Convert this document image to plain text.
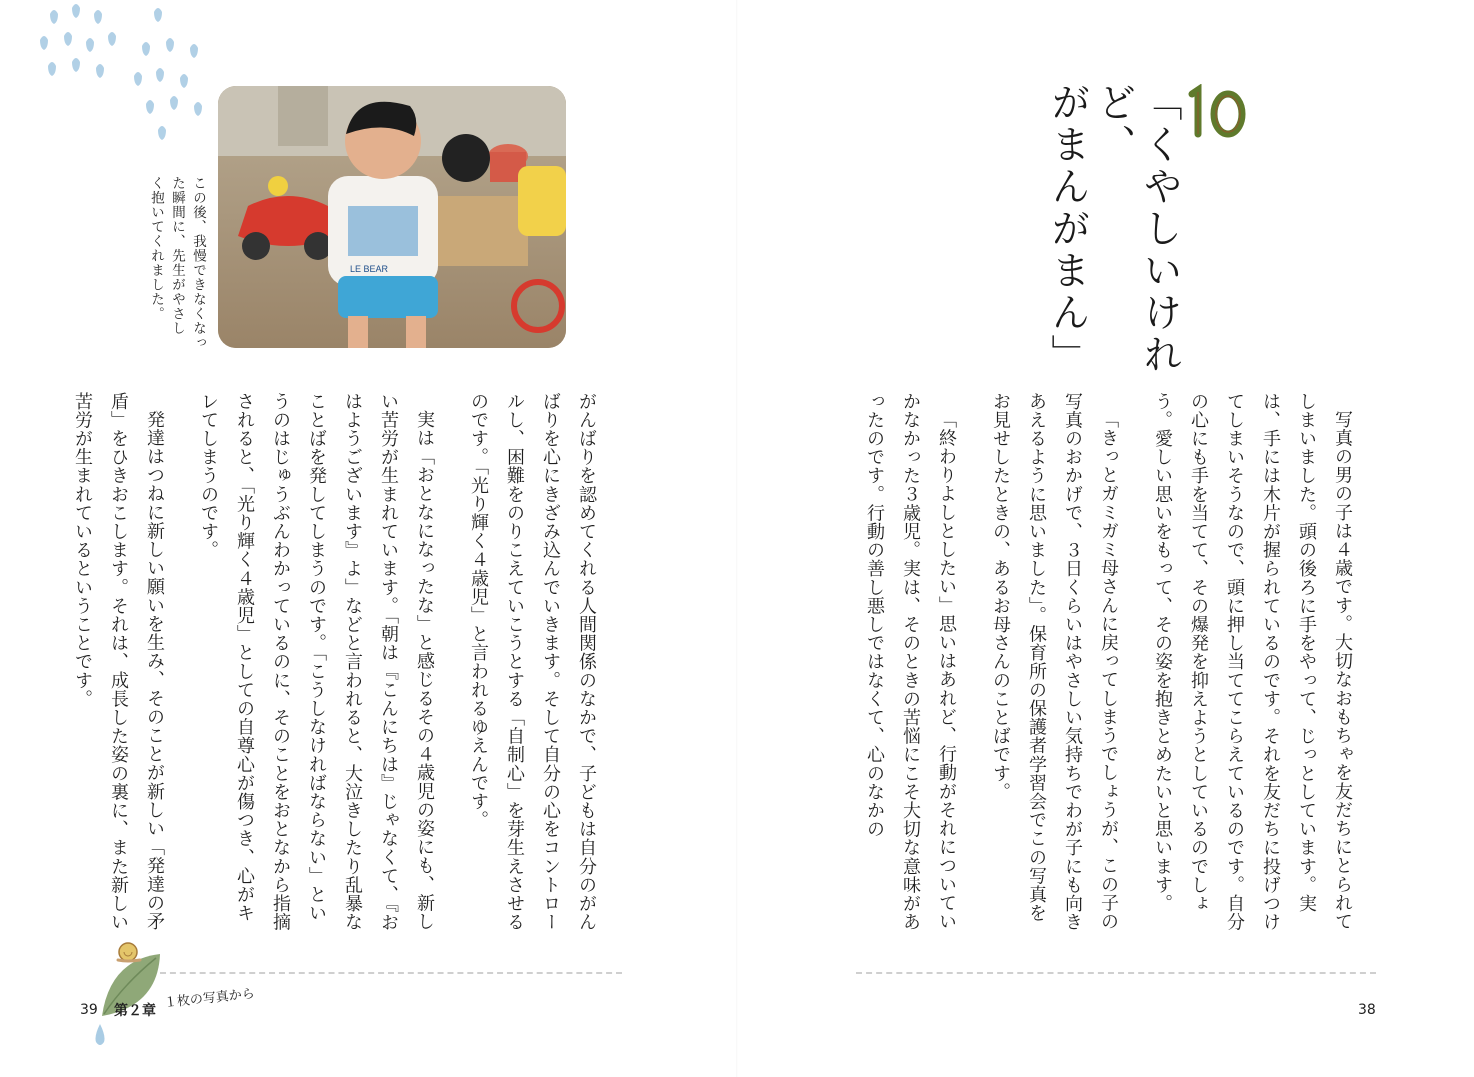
LE BEAR
この後、我慢できなくなっ
た瞬間に、先生がやさし
く抱いてくれました。	「くやしいけれど、
がまんがまん」

写真の男の子は４歳です。大切なおもちゃを友だちにとられてしまいました。頭の後ろに手をやって、じっとしています。実は、手には木片が握られているのです。それを友だちに投げつけてしまいそうなので、頭に押し当ててこらえているのです。自分の心にも手を当てて、その爆発を抑えようとしているのでしょう。愛しい思いをもって、その姿を抱きとめたいと思います。

「きっとガミガミ母さんに戻ってしまうでしょうが、この子の写真のおかげで、３日くらいはやさしい気持ちでわが子にも向きあえるように思いました」。保育所の保護者学習会でこの写真をお見せしたときの、あるお母さんのことばです。

「終わりよしとしたい」思いはあれど、行動がそれについていかなかった３歳児。実は、そのときの苦悩にこそ大切な意味があったのです。行動の善し悪しではなくて、心のなかの

がんばりを認めてくれる人間関係のなかで、子どもは自分のがんばりを心にきざみ込んでいきます。そして自分の心をコントロールし、困難をのりこえていこうとする「自制心」を芽生えさせるのです。「光り輝く４歳児」と言われるゆえんです。

実は「おとなになったな」と感じるその４歳児の姿にも、新しい苦労が生まれています。「朝は『こんにちは』じゃなくて、『おはようございます』よ」などと言われると、大泣きしたり乱暴なことばを発してしまうのです。「こうしなければならない」というのはじゅうぶんわかっているのに、そのことをおとなから指摘されると、「光り輝く４歳児」としての自尊心が傷つき、心がキレてしまうのです。

発達はつねに新しい願いを生み、そのことが新しい「発達の矛盾」をひきおこします。それは、成長した姿の裏に、また新しい苦労が生まれているということです。

39 第２章
１枚の写真から	38
